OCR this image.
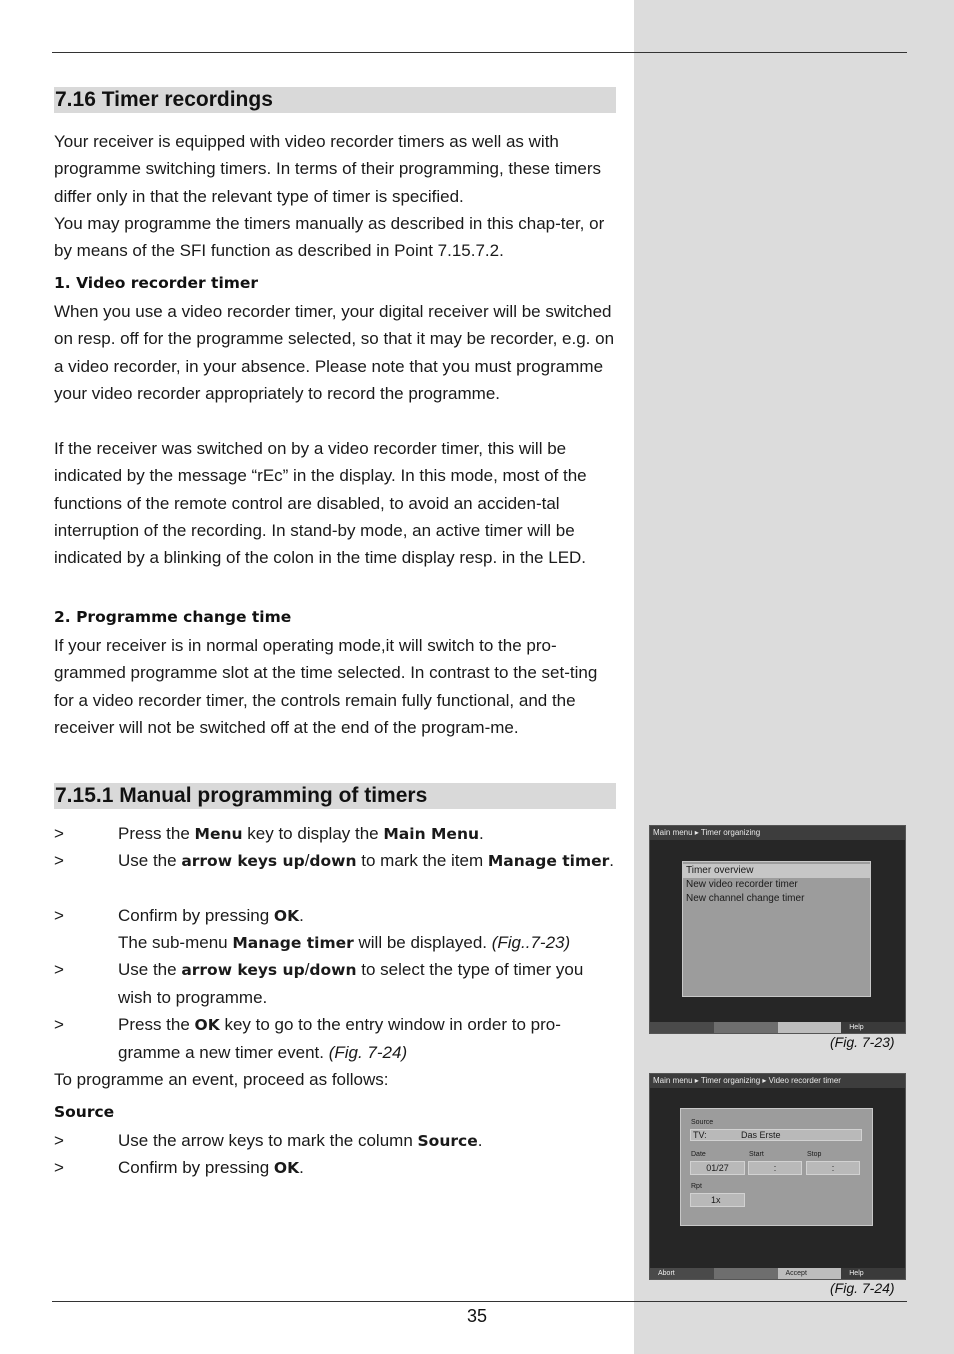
7.16 Timer recordings

Your receiver is equipped with video recorder timers as well as with programme switching timers. In terms of their programming, these timers differ only in that the relevant type of timer is specified.

You may programme the timers manually as described in this chap-ter, or by means of the SFI function as described in Point 7.15.7.2.

1. Video recorder timer

When you use a video recorder timer, your digital receiver will be switched on resp. off for the programme selected, so that it may be recorder, e.g. on a video recorder, in your absence. Please note that you must programme your video recorder appropriately to record the programme.

If the receiver was switched on by a video recorder timer, this will be indicated by the message “rEc” in the display. In this mode, most of the functions of the remote control are disabled, to avoid an acciden-tal interruption of the recording. In stand-by mode, an active timer will be indicated by a blinking of the colon in the time display resp. in the LED.

2. Programme change time

If your receiver is in normal operating mode,it will switch to the pro-grammed programme slot at the time selected. In contrast to the set-ting for a video recorder timer, the controls remain fully functional, and the receiver will not be switched off at the end of the program-me.

7.15.1 Manual programming of timers
>	Press the Menu key to display the Main Menu.
>	Use the arrow keys up/down to mark the item Manage timer.
>	Confirm by pressing OK.
The sub-menu Manage timer will be displayed. (Fig..7-23)
>	Use the arrow keys up/down to select the type of timer you wish to programme.
>	Press the OK key to go to the entry window in order to pro-gramme a new timer event. (Fig. 7-24)

To programme an event, proceed as follows:

Source
>	Use the arrow keys to mark the column Source.
>	Confirm by pressing OK.
Main menu ▸ Timer organizing
Timer overview
New video recorder timer
New channel change timer
Help
(Fig. 7-23)
Main menu ▸ Timer organizing ▸ Video recorder timer
Source
TV:	Das Erste
Date	Start	Stop
01/27	:	:
Rpt
1x
Abort	Accept	Help
(Fig. 7-24)
35
